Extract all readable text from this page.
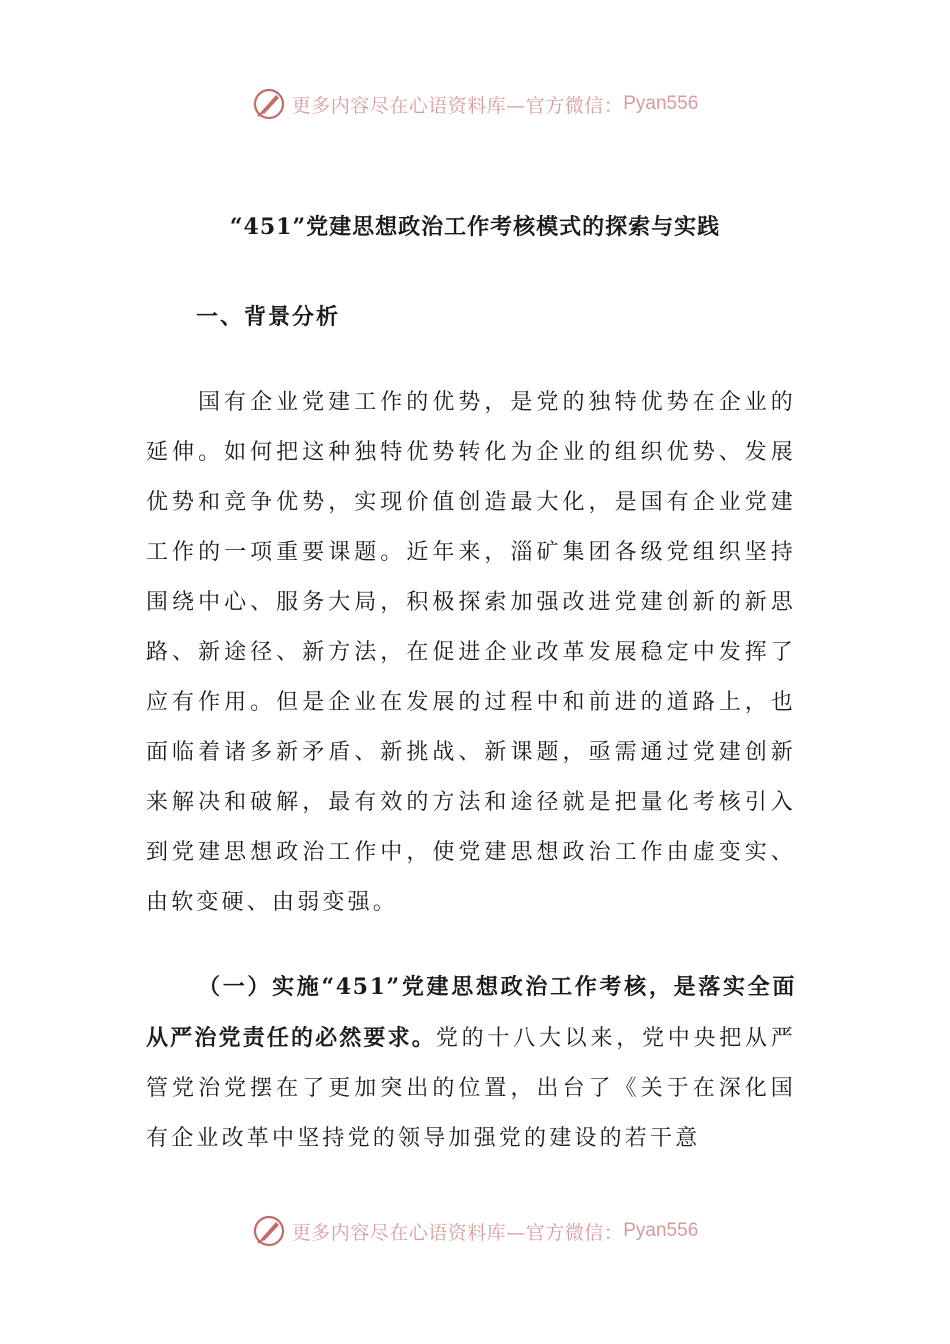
更多内容尽在心语资料库—官方微信： Pyan556
“451”党建思想政治工作考核模式的探索与实践
一、背景分析

国有企业党建工作的优势，是党的独特优势在企业的延伸。如何把这种独特优势转化为企业的组织优势、发展优势和竞争优势，实现价值创造最大化，是国有企业党建工作的一项重要课题。近年来，淄矿集团各级党组织坚持围绕中心、服务大局，积极探索加强改进党建创新的新思路、新途径、新方法，在促进企业改革发展稳定中发挥了应有作用。但是企业在发展的过程中和前进的道路上，也面临着诸多新矛盾、新挑战、新课题，亟需通过党建创新来解决和破解，最有效的方法和途径就是把量化考核引入到党建思想政治工作中，使党建思想政治工作由虚变实、由软变硬、由弱变强。

（一）实施“451”党建思想政治工作考核，是落实全面从严治党责任的必然要求。党的十八大以来，党中央把从严管党治党摆在了更加突出的位置，出台了《关于在深化国有企业改革中坚持党的领导加强党的建设的若干意

更多内容尽在心语资料库—官方微信： Pyan556
